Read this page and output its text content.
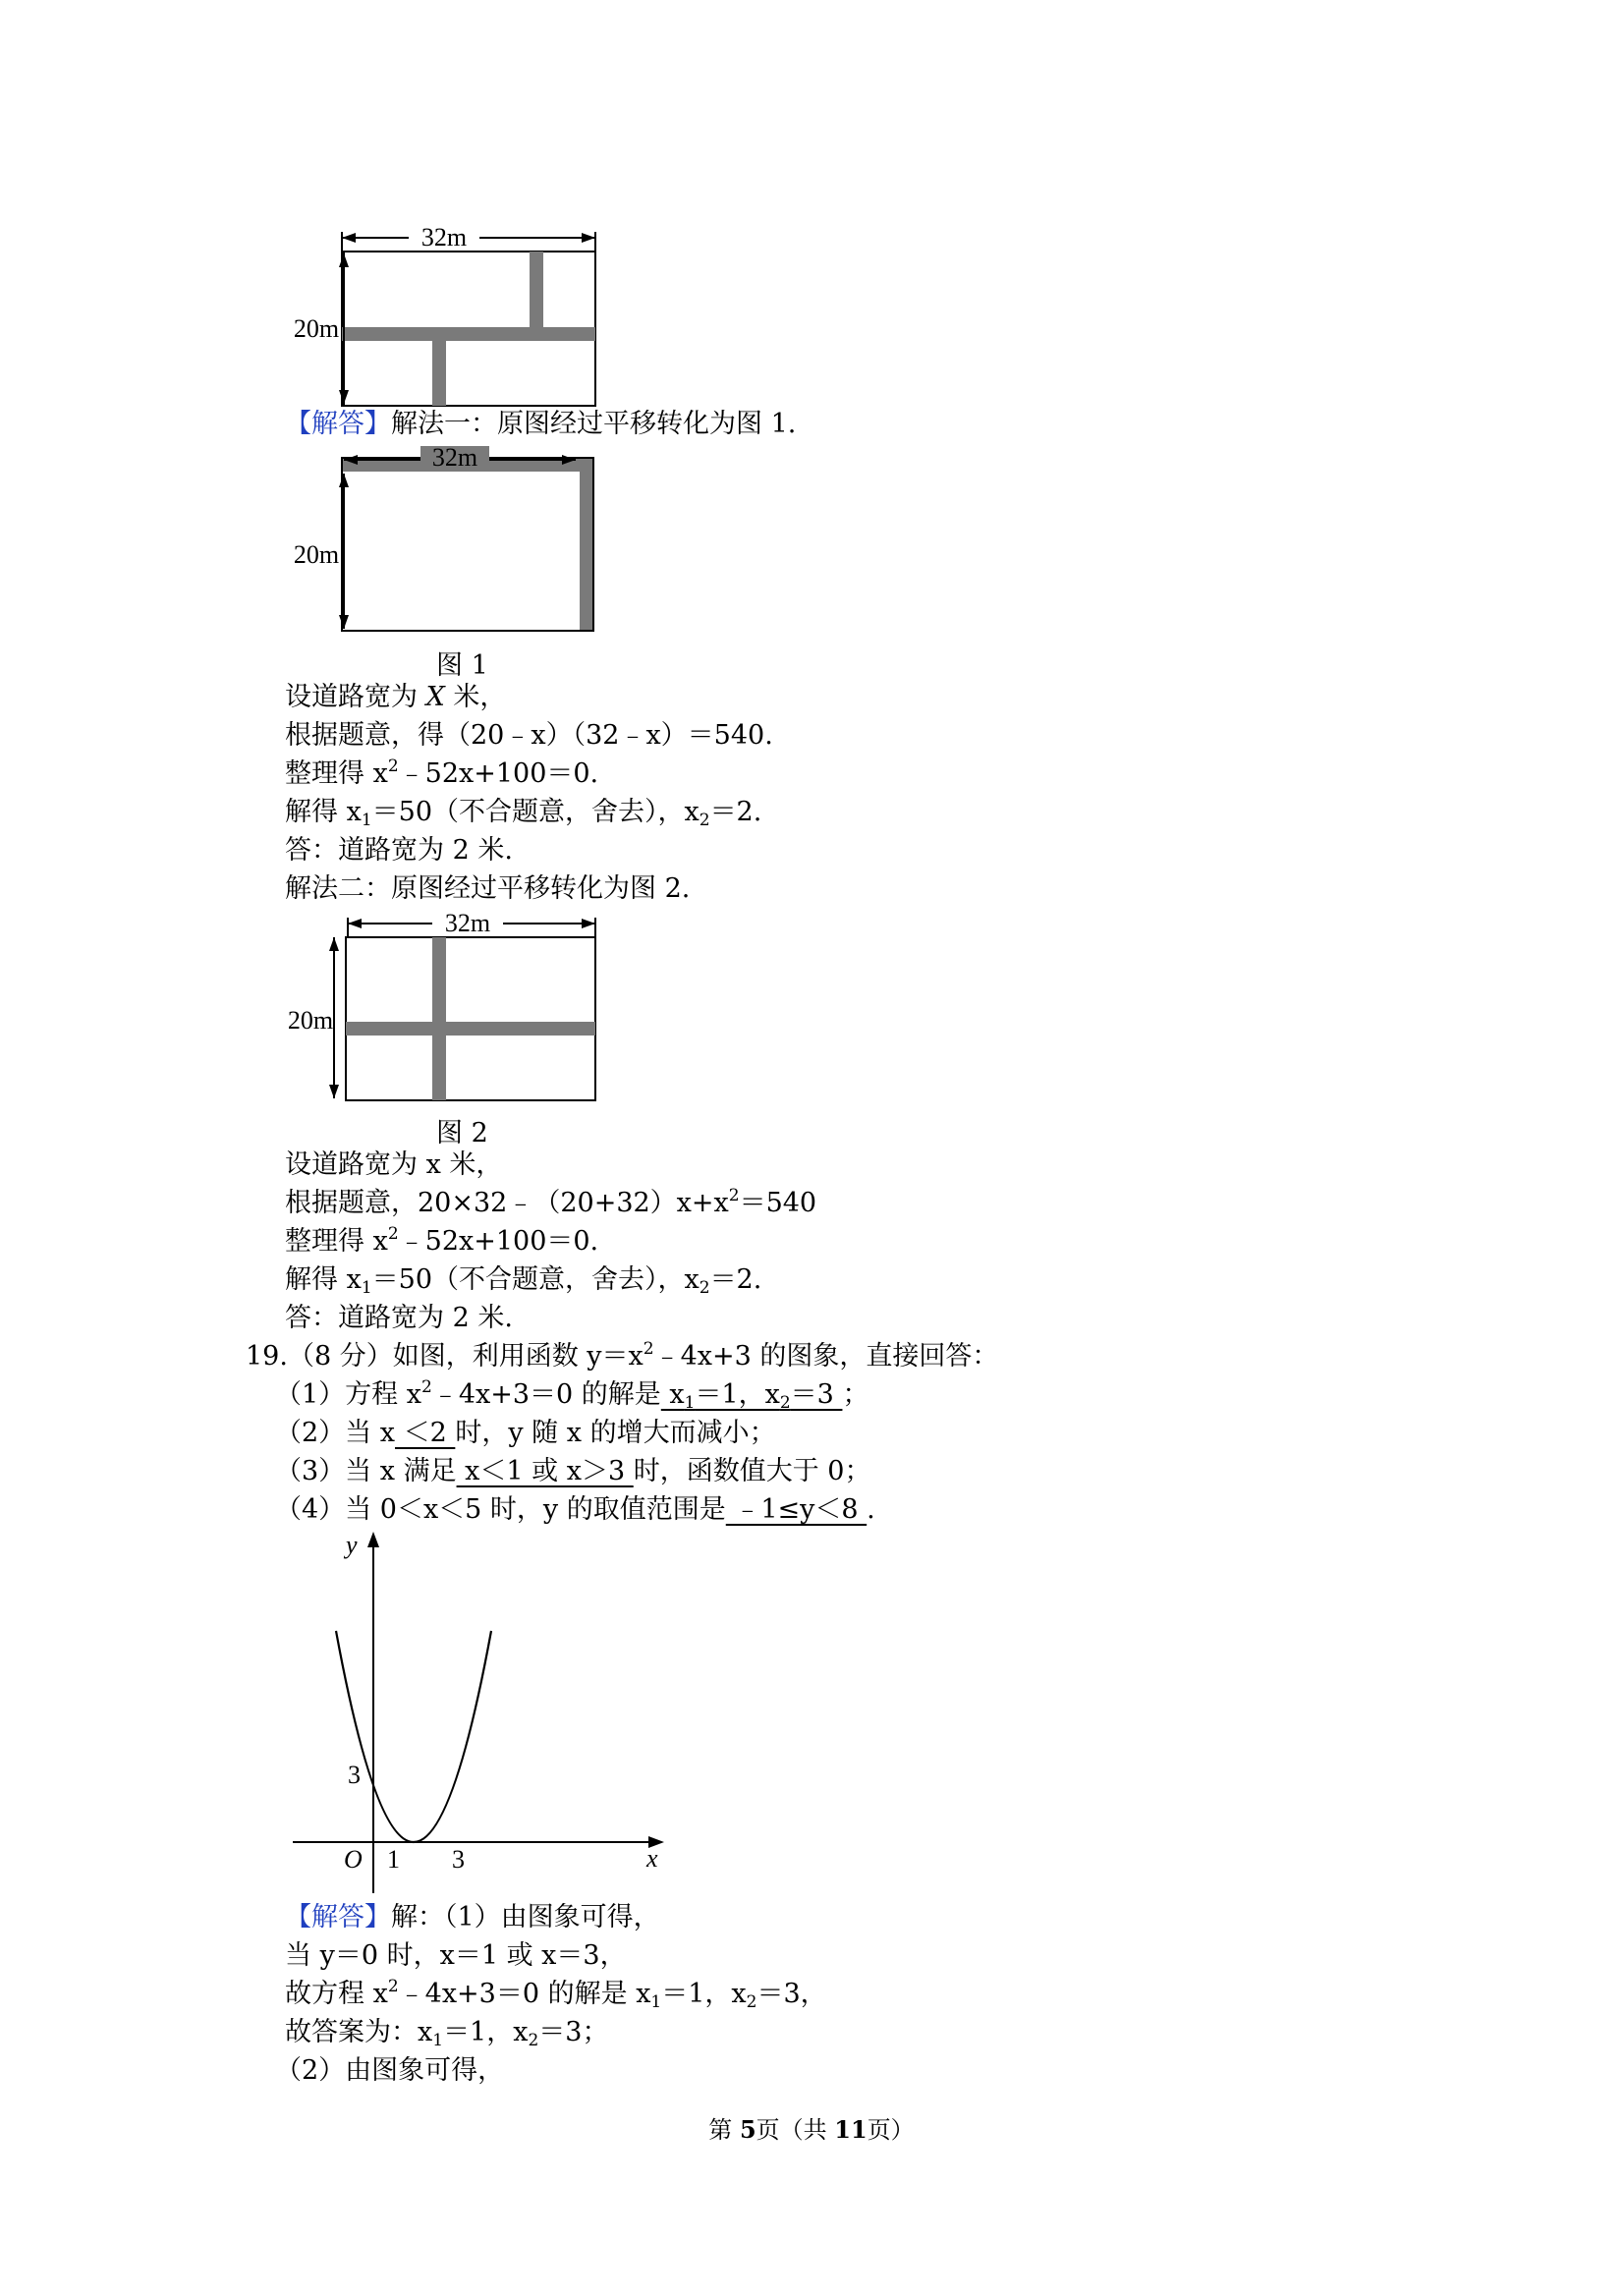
32m
20m
【解答】解法一：原图经过平移转化为图 1.
32m
20m
图 1
设道路宽为 X 米，
根据题意，得（20﹣x）（32﹣x）＝540.
整理得 $x^2﹣52x+100=0$.
解得 $x_1=50$（不合题意，舍去），$x_2=2$.
答：道路宽为 2 米.
解法二：原图经过平移转化为图 2.
32m
20m
图 2
设道路宽为 x 米，
根据题意，$20\times 32﹣(20+32)x+x^2=540$
整理得 $x^2﹣52x+100=0$.
解得 $x_1=50$（不合题意，舍去），$x_2=2$.
答：道路宽为 2 米.
19.（8 分）如图，利用函数 $y=x^2﹣4x+3$ 的图象，直接回答：
（1）方程 $x^2﹣4x+3=0$ 的解是 $x_1=1$，$x_2=3$ ；
（2）当 x ＜2 时，y 随 x 的增大而减小；
（3）当 x 满足 x＜1 或 x＞3 时，函数值大于 0；
（4）当 0＜x＜5 时，y 的取值范围是 ﹣1≤y＜8 .
y
x
O
3
1 3
【解答】解：（1）由图象可得，
当 y＝0 时，x＝1 或 x＝3，
故方程 $x^2﹣4x+3=0$ 的解是 $x_1=1$，$x_2=3$，
故答案为：$x_1=1$，$x_2=3$；
（2）由图象可得，
第 5页（共 11页）
